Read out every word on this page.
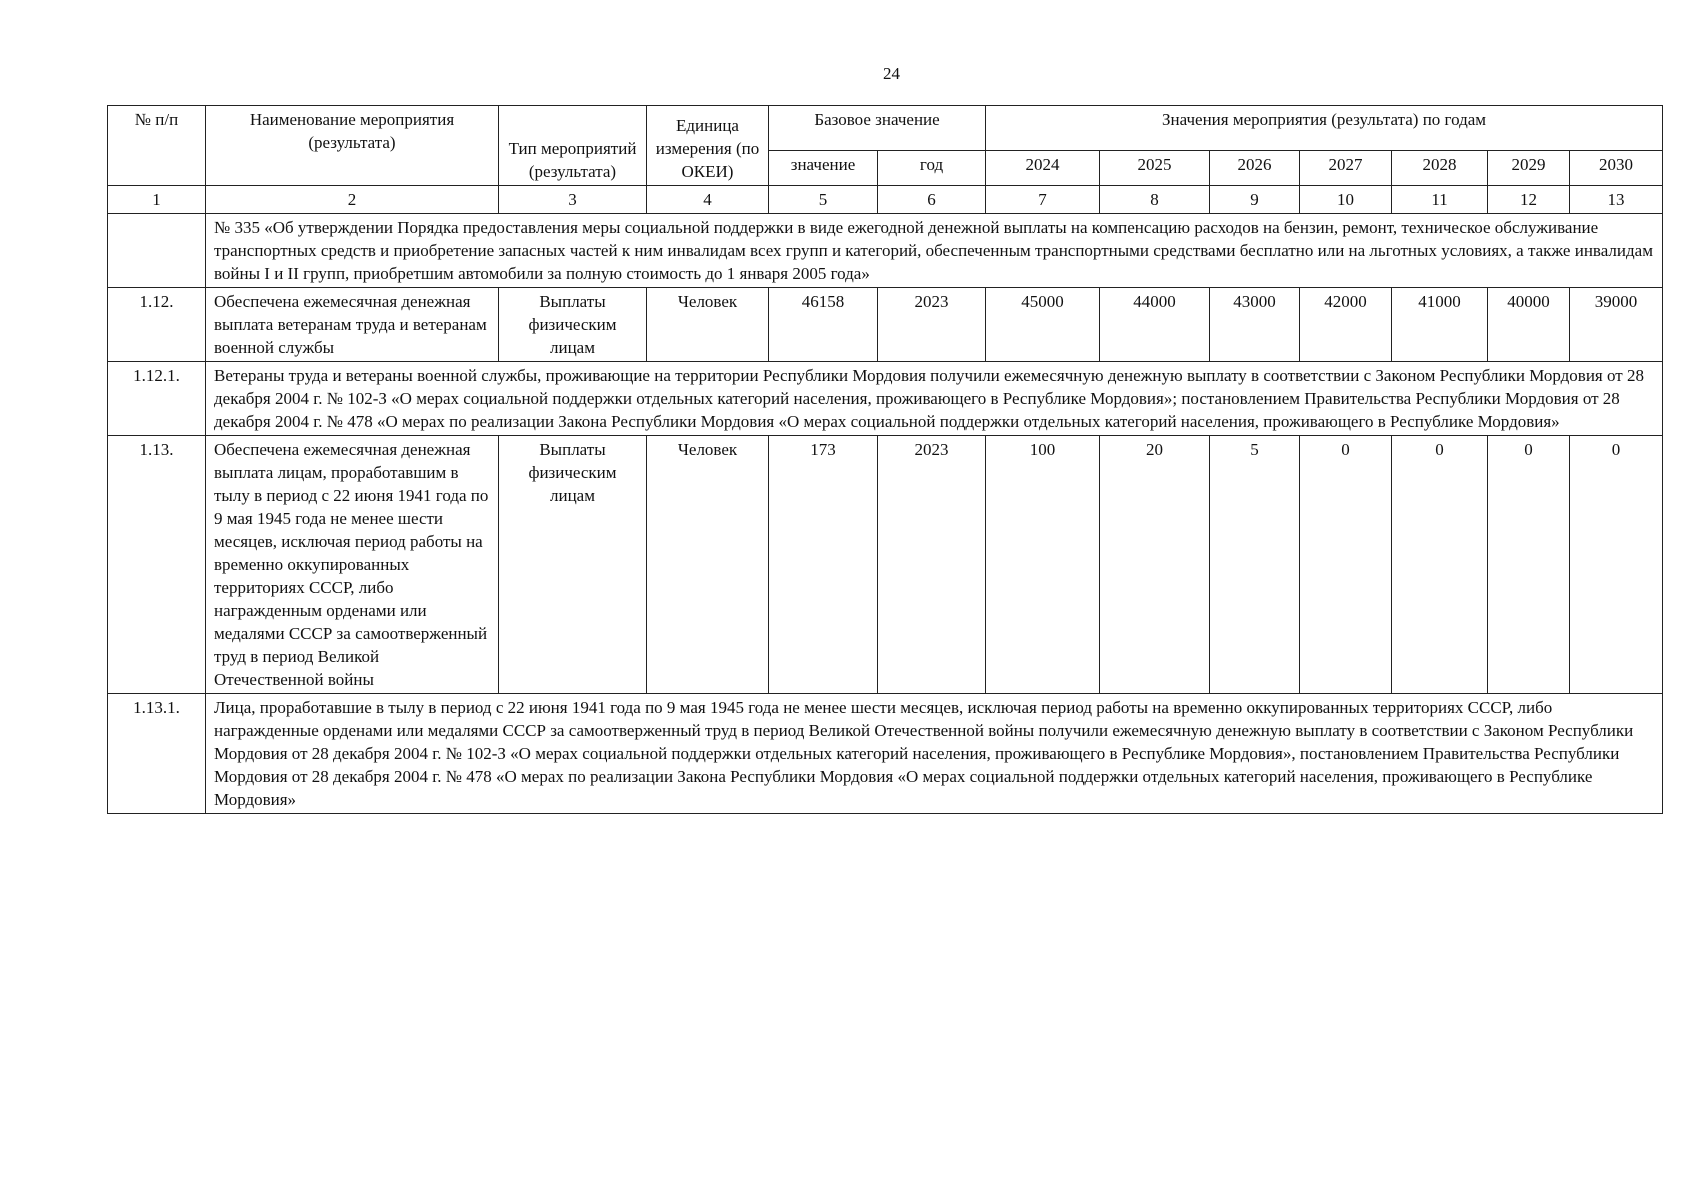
24
№ п/п	Наименование мероприятия (результата)	Тип мероприятий (результата)	Единица измерения (по ОКЕИ)	Базовое значение		Значения мероприятия (результата) по годам						
				значение	год	2024	2025	2026	2027	2028	2029	2030
1	2	3	4	5	6	7	8	9	10	11	12	13
	№ 335 «Об утверждении Порядка предоставления меры социальной поддержки в виде ежегодной денежной выплаты на компенсацию расходов на бензин, ремонт, техническое обслуживание транспортных средств и приобретение запасных частей к ним инвалидам всех групп и категорий, обеспеченным транспортными средствами бесплатно или на льготных условиях, а также инвалидам войны I и II групп, приобретшим автомобили за полную стоимость до 1 января 2005 года»											
1.12.	Обеспечена ежемесячная денежная выплата ветеранам труда и ветеранам военной службы	Выплаты физическим лицам	Человек	46158	2023	45000	44000	43000	42000	41000	40000	39000
1.12.1.	Ветераны труда и ветераны военной службы, проживающие на территории Республики Мордовия получили ежемесячную денежную выплату в соответствии с Законом Республики Мордовия от 28 декабря 2004 г. № 102-З «О мерах социальной поддержки отдельных категорий населения, проживающего в Республике Мордовия»; постановлением Правительства Республики Мордовия от 28 декабря 2004 г. № 478 «О мерах по реализации Закона Республики Мордовия «О мерах социальной поддержки отдельных категорий населения, проживающего в Республике Мордовия»											
1.13.	Обеспечена ежемесячная денежная выплата лицам, проработавшим в тылу в период с 22 июня 1941 года по 9 мая 1945 года не менее шести месяцев, исключая период работы на временно оккупированных территориях СССР, либо награжденным орденами или медалями СССР за самоотверженный труд в период Великой Отечественной войны	Выплаты физическим лицам	Человек	173	2023	100	20	5	0	0	0	0
1.13.1.	Лица, проработавшие в тылу в период с 22 июня 1941 года по 9 мая 1945 года не менее шести месяцев, исключая период работы на временно оккупированных территориях СССР, либо награжденные орденами или медалями СССР за самоотверженный труд в период Великой Отечественной войны получили ежемесячную денежную выплату в соответствии с Законом Республики Мордовия от 28 декабря 2004 г. № 102-З «О мерах социальной поддержки отдельных категорий населения, проживающего в Республике Мордовия», постановлением Правительства Республики Мордовия от 28 декабря 2004 г. № 478 «О мерах по реализации Закона Республики Мордовия «О мерах социальной поддержки отдельных категорий населения, проживающего в Республике Мордовия»											
